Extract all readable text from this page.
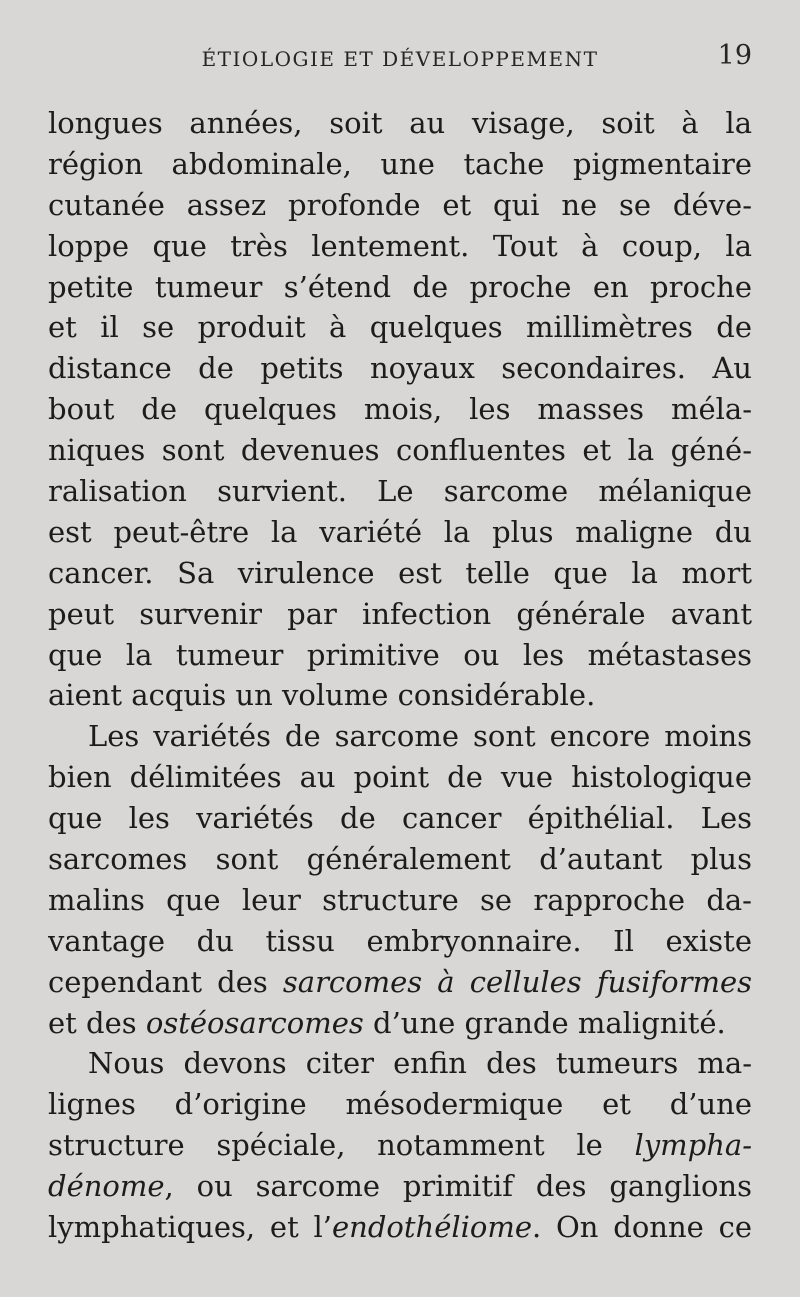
ÉTIOLOGIE ET DÉVELOPPEMENT	19
longues années, soit au visage, soit à la
région abdominale, une tache pigmentaire
cutanée assez profonde et qui ne se déve-
loppe que très lentement. Tout à coup, la
petite tumeur s’étend de proche en proche
et il se produit à quelques millimètres de
distance de petits noyaux secondaires. Au
bout de quelques mois, les masses méla-
niques sont devenues confluentes et la géné-
ralisation survient. Le sarcome mélanique
est peut-être la variété la plus maligne du
cancer. Sa virulence est telle que la mort
peut survenir par infection générale avant
que la tumeur primitive ou les métastases
aient acquis un volume considérable.
Les variétés de sarcome sont encore moins
bien délimitées au point de vue histologique
que les variétés de cancer épithélial. Les
sarcomes sont généralement d’autant plus
malins que leur structure se rapproche da-
vantage du tissu embryonnaire. Il existe
cependant des sarcomes à cellules fusiformes
et des ostéosarcomes d’une grande malignité.
Nous devons citer enfin des tumeurs ma-
lignes d’origine mésodermique et d’une
structure spéciale, notamment le lympha-
dénome, ou sarcome primitif des ganglions
lymphatiques, et l’endothéliome. On donne ce
